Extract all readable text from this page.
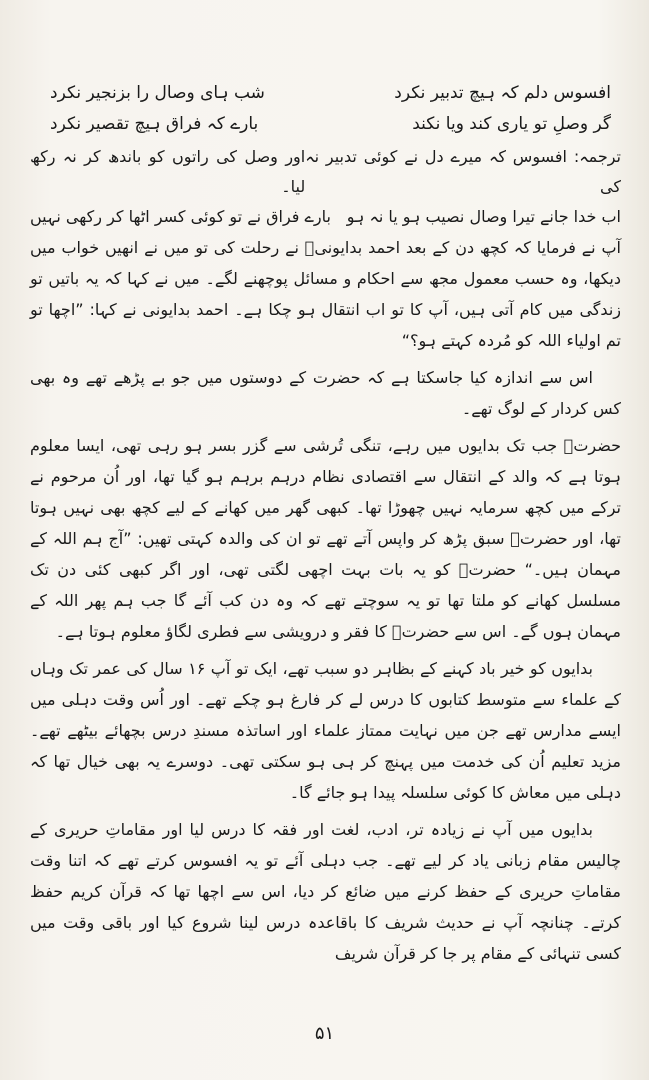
افسوس دلم کہ ہیچ تدبیر نکرد
شب ہای وصال را بزنجیر نکرد
گر وصلِ تو یاری کند ویا نکند
بارے کہ فراق ہیچ تقصیر نکرد
ترجمہ: افسوس کہ میرے دل نے کوئی تدبیر نہ کی
اور وصل کی راتوں کو باندھ کر نہ رکھ لیا۔
اب خدا جانے تیرا وصال نصیب ہو یا نہ ہو
بارے فراق نے تو کوئی کسر اٹھا کر رکھی نہیں

آپ نے فرمایا کہ کچھ دن کے بعد احمد بدایونیؒ نے رحلت کی تو میں نے انھیں خواب میں دیکھا، وہ حسب معمول مجھ سے احکام و مسائل پوچھنے لگے۔ میں نے کہا کہ یہ باتیں تو زندگی میں کام آتی ہیں، آپ کا تو اب انتقال ہو چکا ہے۔ احمد بدایونی نے کہا: ”اچھا تو تم اولیاء اللہ کو مُردہ کہتے ہو؟“

اس سے اندازہ کیا جاسکتا ہے کہ حضرت کے دوستوں میں جو بے پڑھے تھے وہ بھی کس کردار کے لوگ تھے۔

حضرتؒ جب تک بدایوں میں رہے، تنگی تُرشی سے گزر بسر ہو رہی تھی، ایسا معلوم ہوتا ہے کہ والد کے انتقال سے اقتصادی نظام درہم برہم ہو گیا تھا، اور اُن مرحوم نے ترکے میں کچھ سرمایہ نہیں چھوڑا تھا۔ کبھی گھر میں کھانے کے لیے کچھ بھی نہیں ہوتا تھا، اور حضرتؒ سبق پڑھ کر واپس آتے تھے تو ان کی والدہ کہتی تھیں: ”آج ہم اللہ کے مہمان ہیں۔“ حضرتؒ کو یہ بات بہت اچھی لگتی تھی، اور اگر کبھی کئی دن تک مسلسل کھانے کو ملتا تھا تو یہ سوچتے تھے کہ وہ دن کب آئے گا جب ہم پھر اللہ کے مہمان ہوں گے۔ اس سے حضرتؒ کا فقر و درویشی سے فطری لگاؤ معلوم ہوتا ہے۔

بدایوں کو خیر باد کہنے کے بظاہر دو سبب تھے، ایک تو آپ ۱۶ سال کی عمر تک وہاں کے علماء سے متوسط کتابوں کا درس لے کر فارغ ہو چکے تھے۔ اور اُس وقت دہلی میں ایسے مدارس تھے جن میں نہایت ممتاز علماء اور اساتذہ مسندِ درس بچھائے بیٹھے تھے۔ مزید تعلیم اُن کی خدمت میں پہنچ کر ہی ہو سکتی تھی۔ دوسرے یہ بھی خیال تھا کہ دہلی میں معاش کا کوئی سلسلہ پیدا ہو جائے گا۔

بدایوں میں آپ نے زیادہ تر، ادب، لغت اور فقہ کا درس لیا اور مقاماتِ حریری کے چالیس مقام زبانی یاد کر لیے تھے۔ جب دہلی آئے تو یہ افسوس کرتے تھے کہ اتنا وقت مقاماتِ حریری کے حفظ کرنے میں ضائع کر دیا، اس سے اچھا تھا کہ قرآن کریم حفظ کرتے۔ چنانچہ آپ نے حدیث شریف کا باقاعدہ درس لینا شروع کیا اور باقی وقت میں کسی تنہائی کے مقام پر جا کر قرآن شریف

۵۱
